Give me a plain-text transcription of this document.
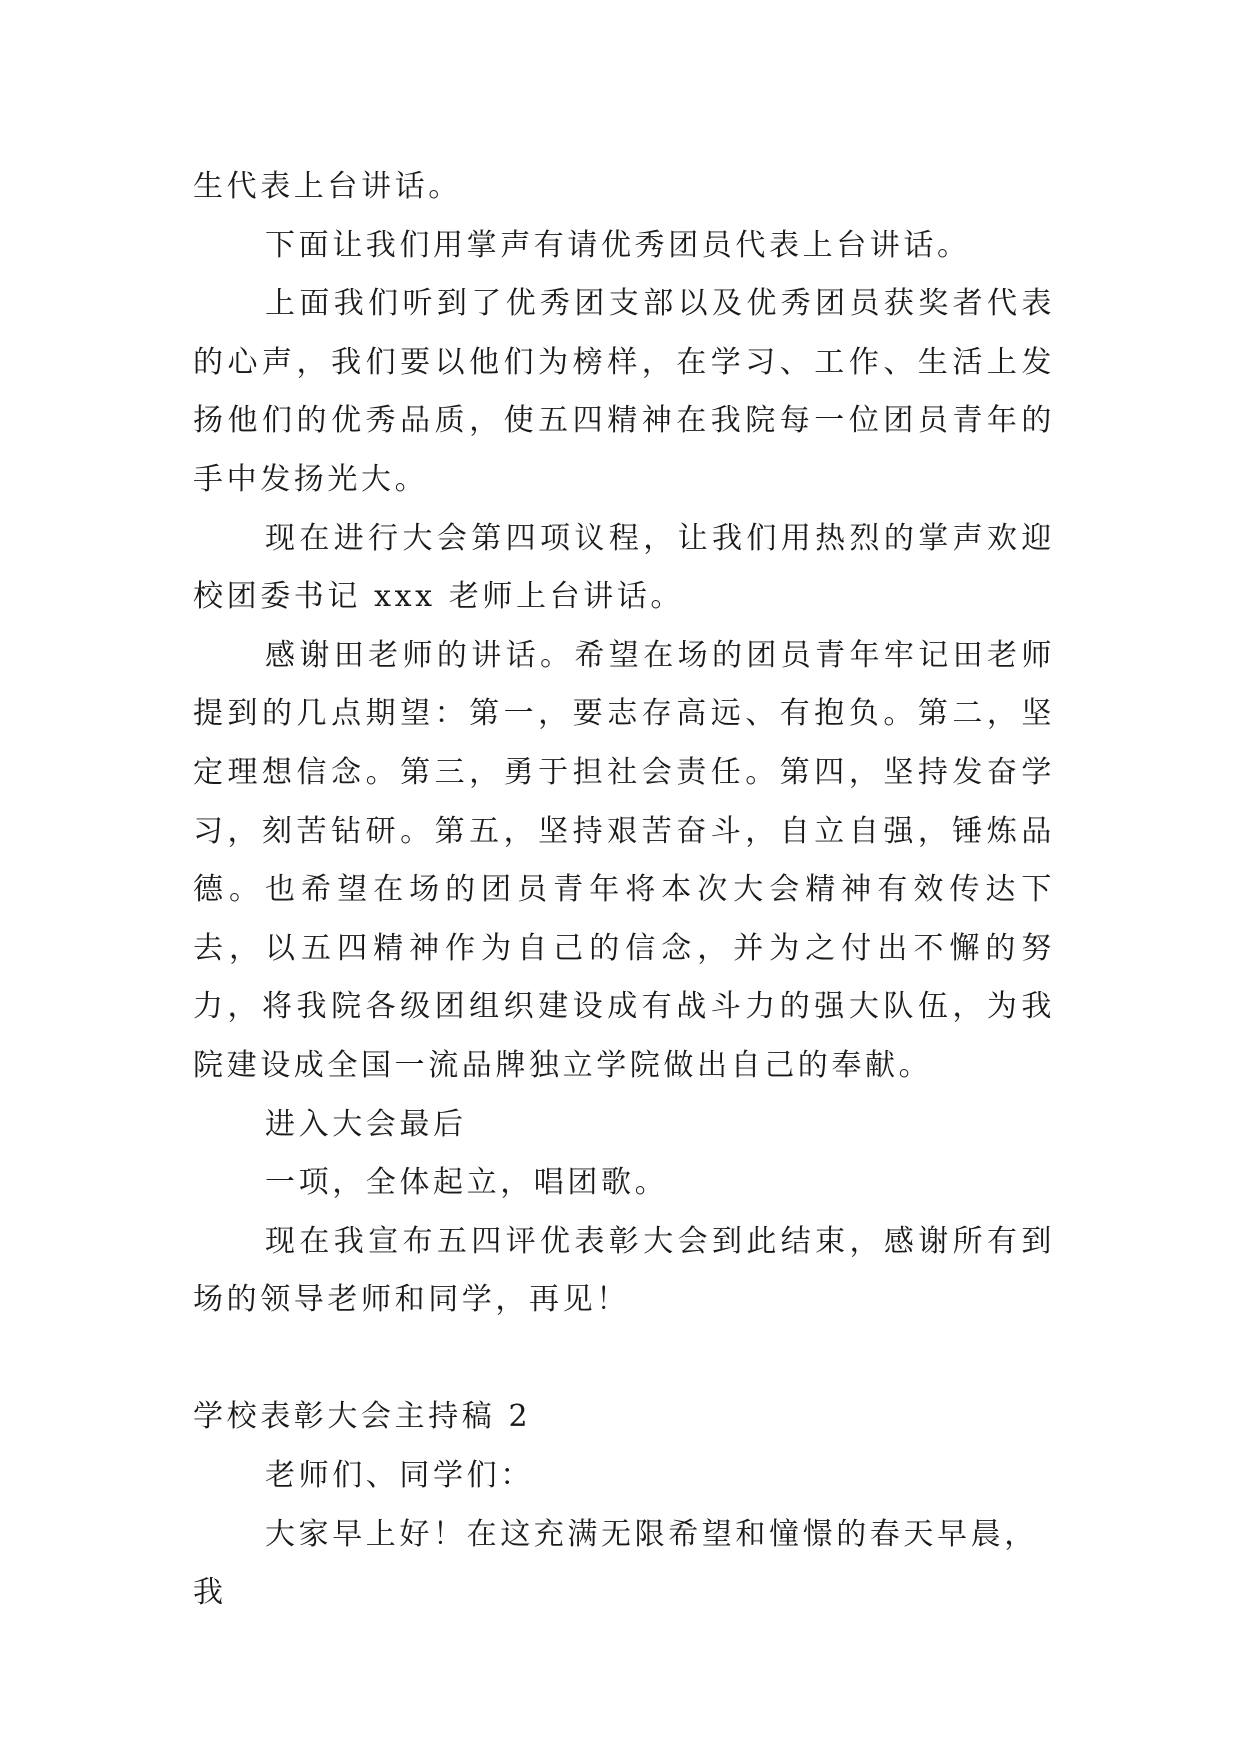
生代表上台讲话。

下面让我们用掌声有请优秀团员代表上台讲话。

上面我们听到了优秀团支部以及优秀团员获奖者代表的心声，我们要以他们为榜样，在学习、工作、生活上发扬他们的优秀品质，使五四精神在我院每一位团员青年的手中发扬光大。

现在进行大会第四项议程，让我们用热烈的掌声欢迎校团委书记 xxx 老师上台讲话。

感谢田老师的讲话。希望在场的团员青年牢记田老师提到的几点期望：第一，要志存高远、有抱负。第二，坚定理想信念。第三，勇于担社会责任。第四，坚持发奋学习，刻苦钻研。第五，坚持艰苦奋斗，自立自强，锤炼品德。也希望在场的团员青年将本次大会精神有效传达下去，以五四精神作为自己的信念，并为之付出不懈的努力，将我院各级团组织建设成有战斗力的强大队伍，为我院建设成全国一流品牌独立学院做出自己的奉献。

进入大会最后

一项，全体起立，唱团歌。

现在我宣布五四评优表彰大会到此结束，感谢所有到场的领导老师和同学，再见！

学校表彰大会主持稿 2

老师们、同学们：

大家早上好！在这充满无限希望和憧憬的春天早晨，我
